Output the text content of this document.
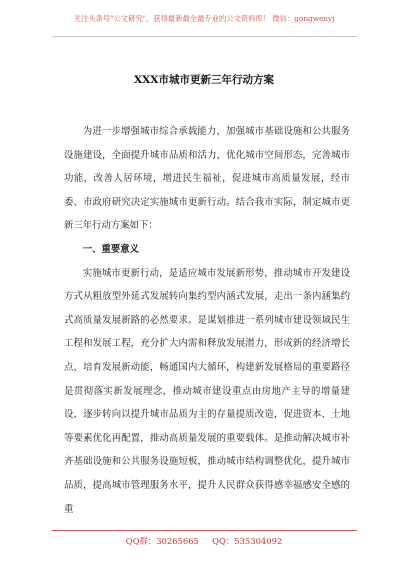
关注头条号"公文研究"，获得最新最全最专业的公文资料库！ 微信：gongwenyj
XXX市城市更新三年行动方案

为进一步增强城市综合承载能力，加强城市基础设施和公共服务设施建设，全面提升城市品质和活力，优化城市空间形态，完善城市功能，改善人居环境，增进民生福祉，促进城市高质量发展，经市委、市政府研究决定实施城市更新行动。结合我市实际，制定城市更新三年行动方案如下：

一、重要意义

实施城市更新行动，是适应城市发展新形势，推动城市开发建设方式从粗放型外延式发展转向集约型内涵式发展，走出一条内涵集约式高质量发展新路的必然要求。是谋划推进一系列城市建设领域民生工程和发展工程，充分扩大内需和释放发展潜力，形成新的经济增长点，培育发展新动能，畅通国内大循环，构建新发展格局的重要路径是贯彻落实新发展理念，推动城市建设重点由房地产主导的增量建设，逐步转向以提升城市品质为主的存量提质改造，促进资本、土地等要素优化再配置，推动高质量发展的重要载体。是推动解决城市补齐基础设施和公共服务设施短板，推动城市结构调整优化，提升城市品质，提高城市管理服务水平，提升人民群众获得感幸福感安全感的重

QQ群：30265665     QQ：535304092
